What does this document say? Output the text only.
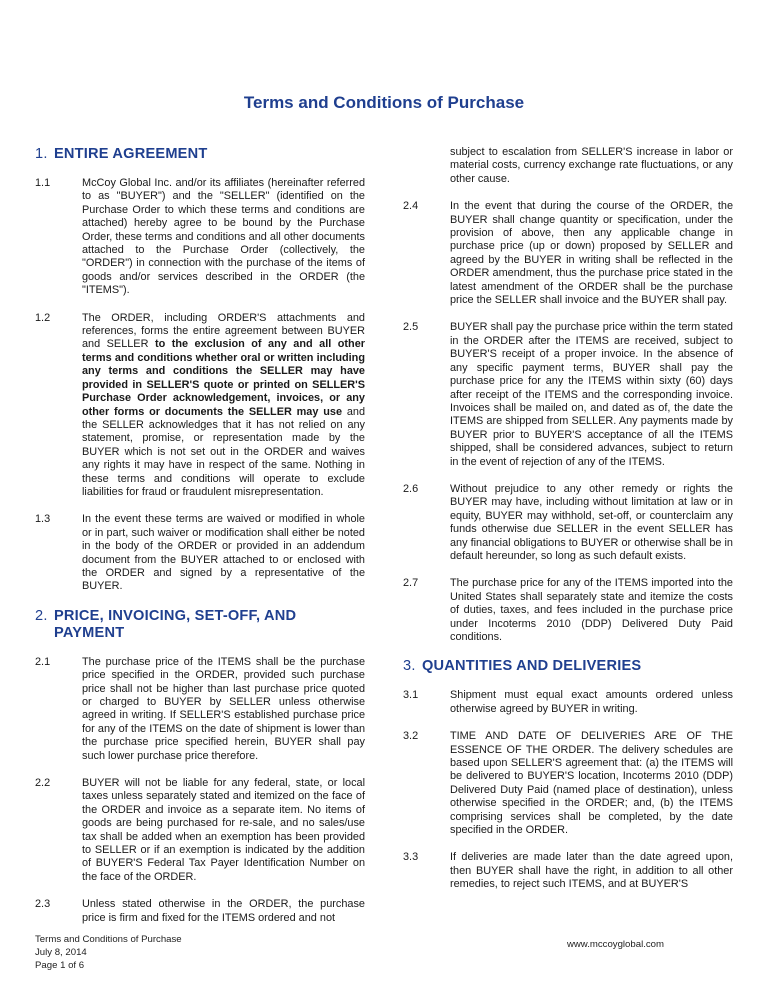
Terms and Conditions of Purchase
1. ENTIRE AGREEMENT
1.1	McCoy Global Inc. and/or its affiliates (hereinafter referred to as "BUYER") and the "SELLER" (identified on the Purchase Order to which these terms and conditions are attached) hereby agree to be bound by the Purchase Order, these terms and conditions and all other documents attached to the Purchase Order (collectively, the "ORDER") in connection with the purchase of the items of goods and/or services described in the ORDER (the "ITEMS").
1.2	The ORDER, including ORDER'S attachments and references, forms the entire agreement between BUYER and SELLER to the exclusion of any and all other terms and conditions whether oral or written including any terms and conditions the SELLER may have provided in SELLER'S quote or printed on SELLER'S Purchase Order acknowledgement, invoices, or any other forms or documents the SELLER may use and the SELLER acknowledges that it has not relied on any statement, promise, or representation made by the BUYER which is not set out in the ORDER and waives any rights it may have in respect of the same. Nothing in these terms and conditions will operate to exclude liabilities for fraud or fraudulent misrepresentation.
1.3	In the event these terms are waived or modified in whole or in part, such waiver or modification shall either be noted in the body of the ORDER or provided in an addendum document from the BUYER attached to or enclosed with the ORDER and signed by a representative of the BUYER.
2. PRICE, INVOICING, SET-OFF, AND PAYMENT
2.1	The purchase price of the ITEMS shall be the purchase price specified in the ORDER, provided such purchase price shall not be higher than last purchase price quoted or charged to BUYER by SELLER unless otherwise agreed in writing. If SELLER'S established purchase price for any of the ITEMS on the date of shipment is lower than the purchase price specified herein, BUYER shall pay such lower purchase price therefore.
2.2	BUYER will not be liable for any federal, state, or local taxes unless separately stated and itemized on the face of the ORDER and invoice as a separate item. No items of goods are being purchased for re-sale, and no sales/use tax shall be added when an exemption has been provided to SELLER or if an exemption is indicated by the addition of BUYER'S Federal Tax Payer Identification Number on the face of the ORDER.
2.3	Unless stated otherwise in the ORDER, the purchase price is firm and fixed for the ITEMS ordered and not
subject to escalation from SELLER'S increase in labor or material costs, currency exchange rate fluctuations, or any other cause.
2.4	In the event that during the course of the ORDER, the BUYER shall change quantity or specification, under the provision of above, then any applicable change in purchase price (up or down) proposed by SELLER and agreed by the BUYER in writing shall be reflected in the ORDER amendment, thus the purchase price stated in the latest amendment of the ORDER shall be the purchase price the SELLER shall invoice and the BUYER shall pay.
2.5	BUYER shall pay the purchase price within the term stated in the ORDER after the ITEMS are received, subject to BUYER'S receipt of a proper invoice. In the absence of any specific payment terms, BUYER shall pay the purchase price for any the ITEMS within sixty (60) days after receipt of the ITEMS and the corresponding invoice. Invoices shall be mailed on, and dated as of, the date the ITEMS are shipped from SELLER. Any payments made by BUYER prior to BUYER'S acceptance of all the ITEMS shipped, shall be considered advances, subject to return in the event of rejection of any of the ITEMS.
2.6	Without prejudice to any other remedy or rights the BUYER may have, including without limitation at law or in equity, BUYER may withhold, set-off, or counterclaim any funds otherwise due SELLER in the event SELLER has any financial obligations to BUYER or otherwise shall be in default hereunder, so long as such default exists.
2.7	The purchase price for any of the ITEMS imported into the United States shall separately state and itemize the costs of duties, taxes, and fees included in the purchase price under Incoterms 2010 (DDP) Delivered Duty Paid conditions.
3. QUANTITIES AND DELIVERIES
3.1	Shipment must equal exact amounts ordered unless otherwise agreed by BUYER in writing.
3.2	TIME AND DATE OF DELIVERIES ARE OF THE ESSENCE OF THE ORDER. The delivery schedules are based upon SELLER'S agreement that: (a) the ITEMS will be delivered to BUYER'S location, Incoterms 2010 (DDP) Delivered Duty Paid (named place of destination), unless otherwise specified in the ORDER; and, (b) the ITEMS comprising services shall be completed, by the date specified in the ORDER.
3.3	If deliveries are made later than the date agreed upon, then BUYER shall have the right, in addition to all other remedies, to reject such ITEMS, and at BUYER'S
Terms and Conditions of Purchase
July 8, 2014
Page 1 of 6
www.mccoyglobal.com
